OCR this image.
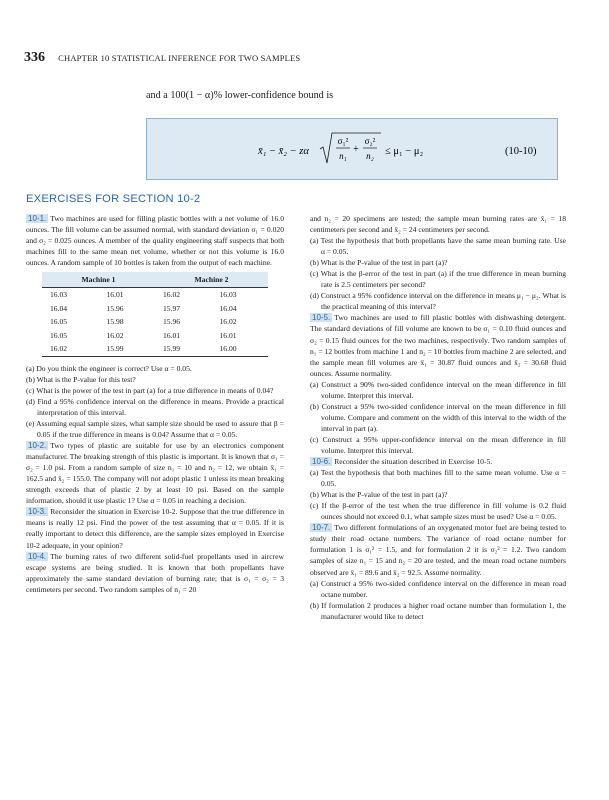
336 CHAPTER 10 STATISTICAL INFERENCE FOR TWO SAMPLES
and a 100(1 − α)% lower-confidence bound is
x̄₁ − x̄₂ − zα
σ₁²
n₁
+
σ₂²
n₂ ≤ μ₁ − μ₂	(10-10)
EXERCISES FOR SECTION 10-2

10-1. Two machines are used for filling plastic bottles with a net volume of 16.0 ounces. The fill volume can be assumed normal, with standard deviation σ₁ = 0.020 and σ₂ = 0.025 ounces. A member of the quality engineering staff suspects that both machines fill to the same mean net volume, whether or not this volume is 16.0 ounces. A random sample of 10 bottles is taken from the output of each machine.

Machine 1		Machine 2	
16.03	16.01	16.02	16.03
16.04	15.96	15.97	16.04
16.05	15.98	15.96	16.02
16.05	16.02	16.01	16.01
16.02	15.99	15.99	16.00

(a) Do you think the engineer is correct? Use α = 0.05.

(b) What is the P-value for this test?

(c) What is the power of the test in part (a) for a true difference in means of 0.04?

(d) Find a 95% confidence interval on the difference in means. Provide a practical interpretation of this interval.

(e) Assuming equal sample sizes, what sample size should be used to assure that β = 0.05 if the true difference in means is 0.04? Assume that α = 0.05.

10-2. Two types of plastic are suitable for use by an electronics component manufacturer. The breaking strength of this plastic is important. It is known that σ₁ = σ₂ = 1.0 psi. From a random sample of size n₁ = 10 and n₂ = 12, we obtain x̄₁ = 162.5 and x̄₂ = 155.0. The company will not adopt plastic 1 unless its mean breaking strength exceeds that of plastic 2 by at least 10 psi. Based on the sample information, should it use plastic 1? Use α = 0.05 in reaching a decision.

10-3. Reconsider the situation in Exercise 10-2. Suppose that the true difference in means is really 12 psi. Find the power of the test assuming that α = 0.05. If it is really important to detect this difference, are the sample sizes employed in Exercise 10-2 adequate, in your opinion?

10-4. The burning rates of two different solid-fuel propellants used in aircrew escape systems are being studied. It is known that both propellants have approximately the same standard deviation of burning rate; that is σ₁ = σ₂ = 3 centimeters per second. Two random samples of n₁ = 20

and n₂ = 20 specimens are tested; the sample mean burning rates are x̄₁ = 18 centimeters per second and x̄₂ = 24 centimeters per second.

(a) Test the hypothesis that both propellants have the same mean burning rate. Use α = 0.05.

(b) What is the P-value of the test in part (a)?

(c) What is the β-error of the test in part (a) if the true difference in mean burning rate is 2.5 centimeters per second?

(d) Construct a 95% confidence interval on the difference in means μ₁ − μ₂. What is the practical meaning of this interval?

10-5. Two machines are used to fill plastic bottles with dishwashing detergent. The standard deviations of fill volume are known to be σ₁ = 0.10 fluid ounces and σ₂ = 0.15 fluid ounces for the two machines, respectively. Two random samples of n₁ = 12 bottles from machine 1 and n₂ = 10 bottles from machine 2 are selected, and the sample mean fill volumes are x̄₁ = 30.87 fluid ounces and x̄₂ = 30.68 fluid ounces. Assume normality.

(a) Construct a 90% two-sided confidence interval on the mean difference in fill volume. Interpret this interval.

(b) Construct a 95% two-sided confidence interval on the mean difference in fill volume. Compare and comment on the width of this interval to the width of the interval in part (a).

(c) Construct a 95% upper-confidence interval on the mean difference in fill volume. Interpret this interval.

10-6. Reconsider the situation described in Exercise 10-5.

(a) Test the hypothesis that both machines fill to the same mean volume. Use α = 0.05.

(b) What is the P-value of the test in part (a)?

(c) If the β-error of the test when the true difference in fill volume is 0.2 fluid ounces should not exceed 0.1, what sample sizes must be used? Use α = 0.05.

10-7. Two different formulations of an oxygenated motor fuel are being tested to study their road octane numbers. The variance of road octane number for formulation 1 is σ₁² = 1.5, and for formulation 2 it is σ₂² = 1.2. Two random samples of size n₁ = 15 and n₂ = 20 are tested, and the mean road octane numbers observed are x̄₁ = 89.6 and x̄₂ = 92.5. Assume normality.

(a) Construct a 95% two-sided confidence interval on the difference in mean road octane number.

(b) If formulation 2 produces a higher road octane number than formulation 1, the manufacturer would like to detect
